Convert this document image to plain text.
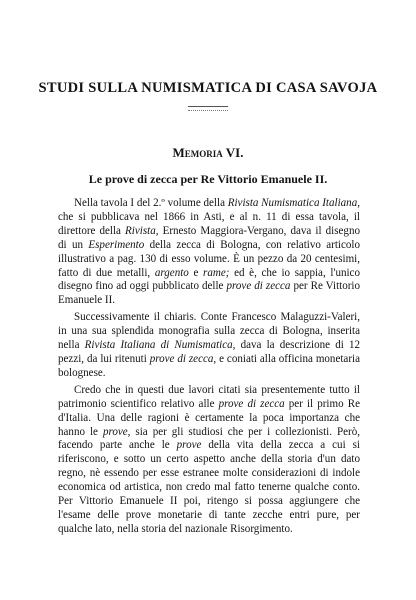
STUDI SULLA NUMISMATICA DI CASA SAVOJA
Memoria VI.
Le prove di zecca per Re Vittorio Emanuele II.

Nella tavola I del 2.º volume della Rivista Numismatica Italiana, che si pubblicava nel 1866 in Asti, e al n. 11 di essa tavola, il direttore della Rivista, Ernesto Maggiora-Vergano, dava il disegno di un Esperimento della zecca di Bologna, con relativo articolo illustrativo a pag. 130 di esso volume. È un pezzo da 20 centesimi, fatto di due metalli, argento e rame; ed è, che io sappia, l'unico disegno fino ad oggi pubblicato delle prove di zecca per Re Vittorio Emanuele II.

Successivamente il chiaris. Conte Francesco Malaguzzi-Valeri, in una sua splendida monografia sulla zecca di Bologna, inserita nella Rivista Italiana di Numismatica, dava la descrizione di 12 pezzi, da lui ritenuti prove di zecca, e coniati alla officina monetaria bolognese.

Credo che in questi due lavori citati sia presentemente tutto il patrimonio scientifico relativo alle prove di zecca per il primo Re d'Italia. Una delle ragioni è certamente la poca importanza che hanno le prove, sia per gli studiosi che per i collezionisti. Però, facendo parte anche le prove della vita della zecca a cui si riferiscono, e sotto un certo aspetto anche della storia d'un dato regno, nè essendo per esse estranee molte considerazioni di indole economica od artistica, non credo mal fatto tenerne qualche conto. Per Vittorio Emanuele II poi, ritengo si possa aggiungere che l'esame delle prove monetarie di tante zecche entri pure, per qualche lato, nella storia del nazionale Risorgimento.
